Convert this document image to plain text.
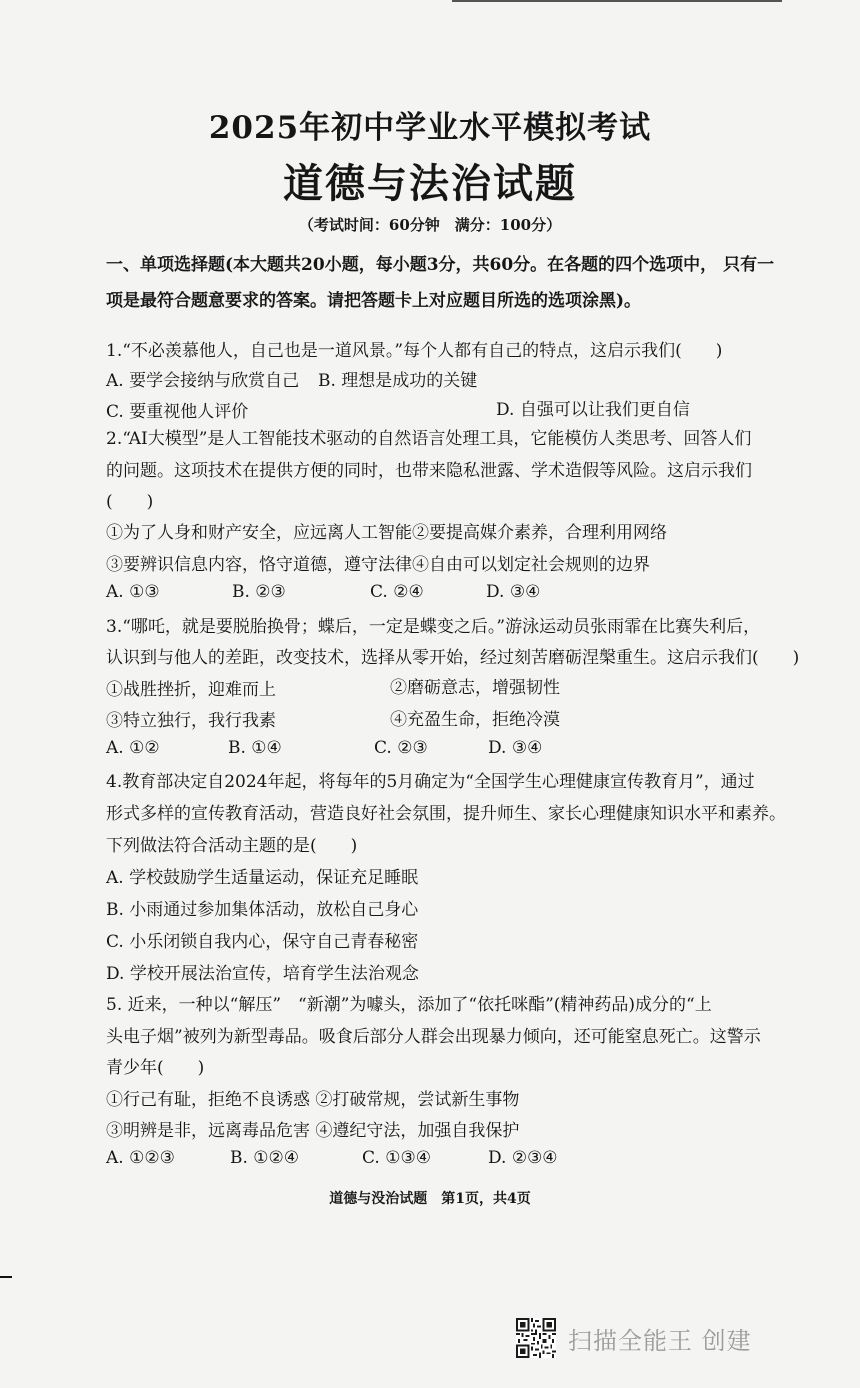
2025年初中学业水平模拟考试
道德与法治试题
（考试时间：60分钟　满分：100分）
一、单项选择题(本大题共20小题，每小题3分，共60分。在各题的四个选项中， 只有一
项是最符合题意要求的答案。请把答题卡上对应题目所选的选项涂黑)。
1.“不必羡慕他人，自己也是一道风景。”每个人都有自己的特点，这启示我们(　　)
A. 要学会接纳与欣赏自己 B. 理想是成功的关键
C. 要重视他人评价	D. 自强可以让我们更自信
2.“AI大模型”是人工智能技术驱动的自然语言处理工具，它能模仿人类思考、回答人们
的问题。这项技术在提供方便的同时，也带来隐私泄露、学术造假等风险。这启示我们
(　　)
①为了人身和财产安全，应远离人工智能②要提高媒介素养，合理利用网络
③要辨识信息内容，恪守道德，遵守法律④自由可以划定社会规则的边界
A. ①③	B. ②③	C. ②④	D. ③④
3.“哪吒，就是要脱胎换骨；蝶后，一定是蝶变之后。”游泳运动员张雨霏在比赛失利后，
认识到与他人的差距，改变技术，选择从零开始，经过刻苦磨砺涅槃重生。这启示我们(　　)
①战胜挫折，迎难而上	②磨砺意志，增强韧性
③特立独行，我行我素	④充盈生命，拒绝冷漠
A. ①②	B. ①④	C. ②③	D. ③④
4.教育部决定自2024年起，将每年的5月确定为“全国学生心理健康宣传教育月”，通过
形式多样的宣传教育活动，营造良好社会氛围，提升师生、家长心理健康知识水平和素养。
下列做法符合活动主题的是(　　)
A. 学校鼓励学生适量运动，保证充足睡眠
B. 小雨通过参加集体活动，放松自己身心
C. 小乐闭锁自我内心，保守自己青春秘密
D. 学校开展法治宣传，培育学生法治观念
5. 近来，一种以“解压”　“新潮”为噱头，添加了“依托咪酯”(精神药品)成分的“上
头电子烟”被列为新型毒品。吸食后部分人群会出现暴力倾向，还可能窒息死亡。这警示
青少年(　　)
①行己有耻，拒绝不良诱惑 ②打破常规，尝试新生事物
③明辨是非，远离毒品危害 ④遵纪守法，加强自我保护
A. ①②③	B. ①②④	C. ①③④	D. ②③④
道德与没治试题　第1页，共4页
扫描全能王 创建
